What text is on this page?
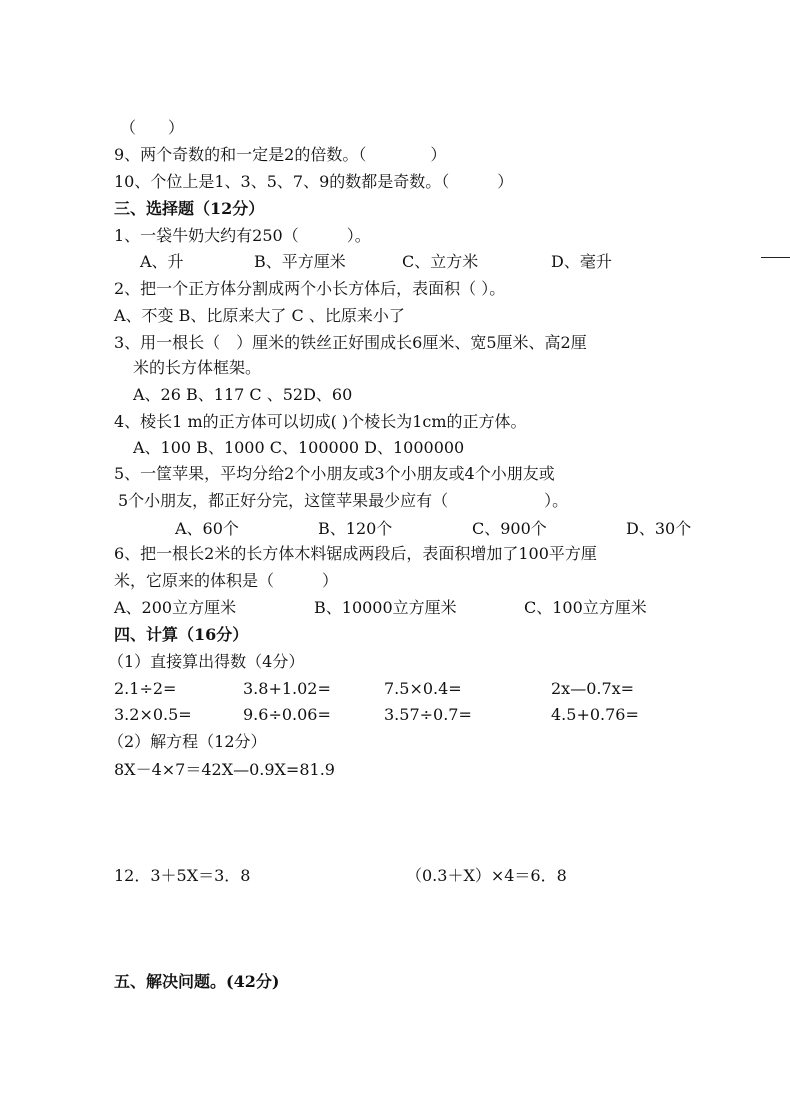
（　　）
9、两个奇数的和一定是2的倍数。（　　　　）
10、个位上是1、3、5、7、9的数都是奇数。（　　　）
三、选择题（12分）
1、一袋牛奶大约有250（　　　）。
A、升	B、平方厘米	C、立方米	D、毫升
2、把一个正方体分割成两个小长方体后，表面积（ ）。
A、不变 B、比原来大了 C 、比原来小了
3、用一根长（　）厘米的铁丝正好围成长6厘米、宽5厘米、高2厘
米的长方体框架。
A、26 B、117 C 、52D、60
4、棱长1 m的正方体可以切成( )个棱长为1cm的正方体。
A、100 B、1000 C、100000 D、1000000
5、一筐苹果，平均分给2个小朋友或3个小朋友或4个小朋友或
5个小朋友，都正好分完，这筐苹果最少应有（　　　　　　）。
A、60个	B、120个	C、900个	D、30个
6、把一根长2米的长方体木料锯成两段后，表面积增加了100平方厘
米，它原来的体积是（　　　）
A、200立方厘米	B、10000立方厘米	C、100立方厘米
四、计算（16分）
（1）直接算出得数（4分）
2.1÷2=	3.8+1.02=	7.5×0.4=	2x—0.7x=
3.2×0.5=	9.6÷0.06=	3.57÷0.7=	4.5+0.76=
（2）解方程（12分）
8X－4×7＝42X—0.9X=81.9
12．3＋5X＝3．8	（0.3＋X）×4＝6．8
五、解决问题。(42分)
